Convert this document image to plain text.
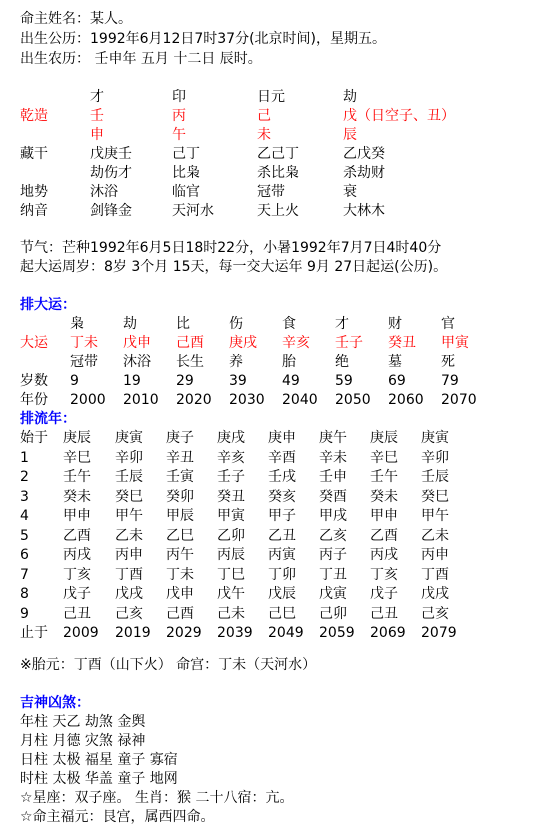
命主姓名：某人。
出生公历：1992年6月12日7时37分(北京时间)，星期五。
出生农历： 壬申年 五月 十二日 辰时。
才	印	日元	劫
乾造	壬	丙	己	戊（日空子、丑）
申	午	未	辰
藏干	戊庚壬	己丁	乙己丁	乙戊癸
劫伤才	比枭	杀比枭	杀劫财
地势	沐浴	临官	冠带	衰
纳音	剑锋金	天河水	天上火	大林木
节气：芒种1992年6月5日18时22分，小暑1992年7月7日4时40分
起大运周岁：8岁 3个月 15天，每一交大运年 9月 27日起运(公历)。
排大运：
枭	劫	比	伤	食	才	财	官
大运 丁未 戊申 己酉 庚戌 辛亥 壬子 癸丑 甲寅
冠带 沐浴 长生 养	胎	绝	墓	死
岁数 9	19	29	39	49	59	69	79
年份 2000 2010 2020 2030 2040 2050 2060 2070
排流年：
始于 庚辰 庚寅 庚子 庚戌 庚申 庚午 庚辰 庚寅
1 辛巳 辛卯 辛丑 辛亥 辛酉 辛未 辛巳 辛卯
2 壬午 壬辰 壬寅 壬子 壬戌 壬申 壬午 壬辰
3 癸未 癸巳 癸卯 癸丑 癸亥 癸酉 癸未 癸巳
4 甲申 甲午 甲辰 甲寅 甲子 甲戌 甲申 甲午
5 乙酉 乙未 乙巳 乙卯 乙丑 乙亥 乙酉 乙未
6 丙戌 丙申 丙午 丙辰 丙寅 丙子 丙戌 丙申
7 丁亥 丁酉 丁未 丁巳 丁卯 丁丑 丁亥 丁酉
8 戊子 戊戌 戊申 戊午 戊辰 戊寅 戊子 戊戌
9 己丑 己亥 己酉 己未 己巳 己卯 己丑 己亥
止于 2009 2019 2029 2039 2049 2059 2069 2079
※胎元：丁酉（山下火） 命宫：丁未（天河水）
吉神凶煞：
年柱 天乙 劫煞 金舆
月柱 月德 灾煞 禄神
日柱 太极 福星 童子 寡宿
时柱 太极 华盖 童子 地网
☆星座：双子座。 生肖：猴 二十八宿：亢。
☆命主福元：艮宫，属西四命。
